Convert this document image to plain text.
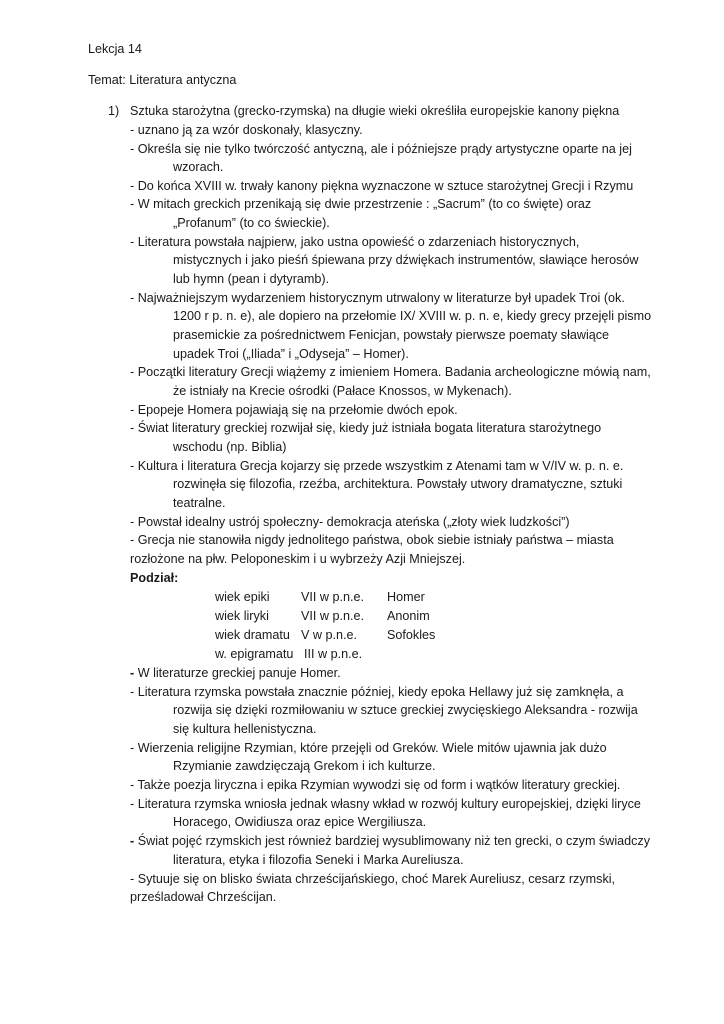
Lekcja 14
Temat: Literatura antyczna
1) Sztuka starożytna (grecko-rzymska) na długie wieki określiła europejskie kanony piękna
- uznano ją za wzór doskonały, klasyczny.
- Określa się nie tylko twórczość antyczną, ale i późniejsze prądy artystyczne oparte na jej
wzorach.
- Do końca XVIII w. trwały kanony piękna wyznaczone w sztuce starożytnej Grecji i Rzymu
- W mitach greckich przenikają się dwie przestrzenie : „Sacrum” (to co święte) oraz
„Profanum” (to co świeckie).
- Literatura powstała najpierw, jako ustna opowieść o zdarzeniach historycznych,
mistycznych i jako pieśń śpiewana przy dźwiękach instrumentów, sławiące herosów
lub hymn (pean i dytyramb).
- Najważniejszym wydarzeniem historycznym utrwalony w literaturze był upadek Troi (ok.
1200 r p. n. e), ale dopiero na przełomie IX/ XVIII w. p. n. e, kiedy grecy przejęli pismo
prasemickie za pośrednictwem Fenicjan, powstały pierwsze poematy sławiące
upadek Troi („Iliada” i „Odyseja” – Homer).
- Początki literatury Grecji wiążemy z imieniem Homera. Badania archeologiczne mówią nam,
że istniały na Krecie ośrodki (Pałace Knossos, w Mykenach).
- Epopeje Homera pojawiają się na przełomie dwóch epok.
- Świat literatury greckiej rozwijał się, kiedy już istniała bogata literatura starożytnego
wschodu (np. Biblia)
- Kultura i literatura Grecja kojarzy się przede wszystkim z Atenami tam w V/IV w. p. n. e.
rozwinęła się filozofia, rzeźba, architektura. Powstały utwory dramatyczne, sztuki
teatralne.
- Powstał idealny ustrój społeczny- demokracja ateńska („złoty wiek ludzkości”)
- Grecja nie stanowiła nigdy jednolitego państwa, obok siebie istniały państwa – miasta
rozłożone na płw. Peloponeskim i u wybrzeży Azji Mniejszej.
Podział:
wiek epiki VII w p.n.e. Homer
wiek liryki	VII w p.n.e. Anonim
wiek dramatu V w p.n.e. Sofokles
w. epigramatu III w p.n.e.
- W literaturze greckiej panuje Homer.
- Literatura rzymska powstała znacznie później, kiedy epoka Hellawy już się zamknęła, a
rozwija się dzięki rozmiłowaniu w sztuce greckiej zwycięskiego Aleksandra - rozwija
się kultura hellenistyczna.
- Wierzenia religijne Rzymian, które przejęli od Greków. Wiele mitów ujawnia jak dużo
Rzymianie zawdzięczają Grekom i ich kulturze.
- Także poezja liryczna i epika Rzymian wywodzi się od form i wątków literatury greckiej.
- Literatura rzymska wniosła jednak własny wkład w rozwój kultury europejskiej, dzięki liryce
Horacego, Owidiusza oraz epice Wergiliusza.
- Świat pojęć rzymskich jest również bardziej wysublimowany niż ten grecki, o czym świadczy
literatura, etyka i filozofia Seneki i Marka Aureliusza.
- Sytuuje się on blisko świata chrześcijańskiego, choć Marek Aureliusz, cesarz rzymski,
prześladował Chrześcijan.
